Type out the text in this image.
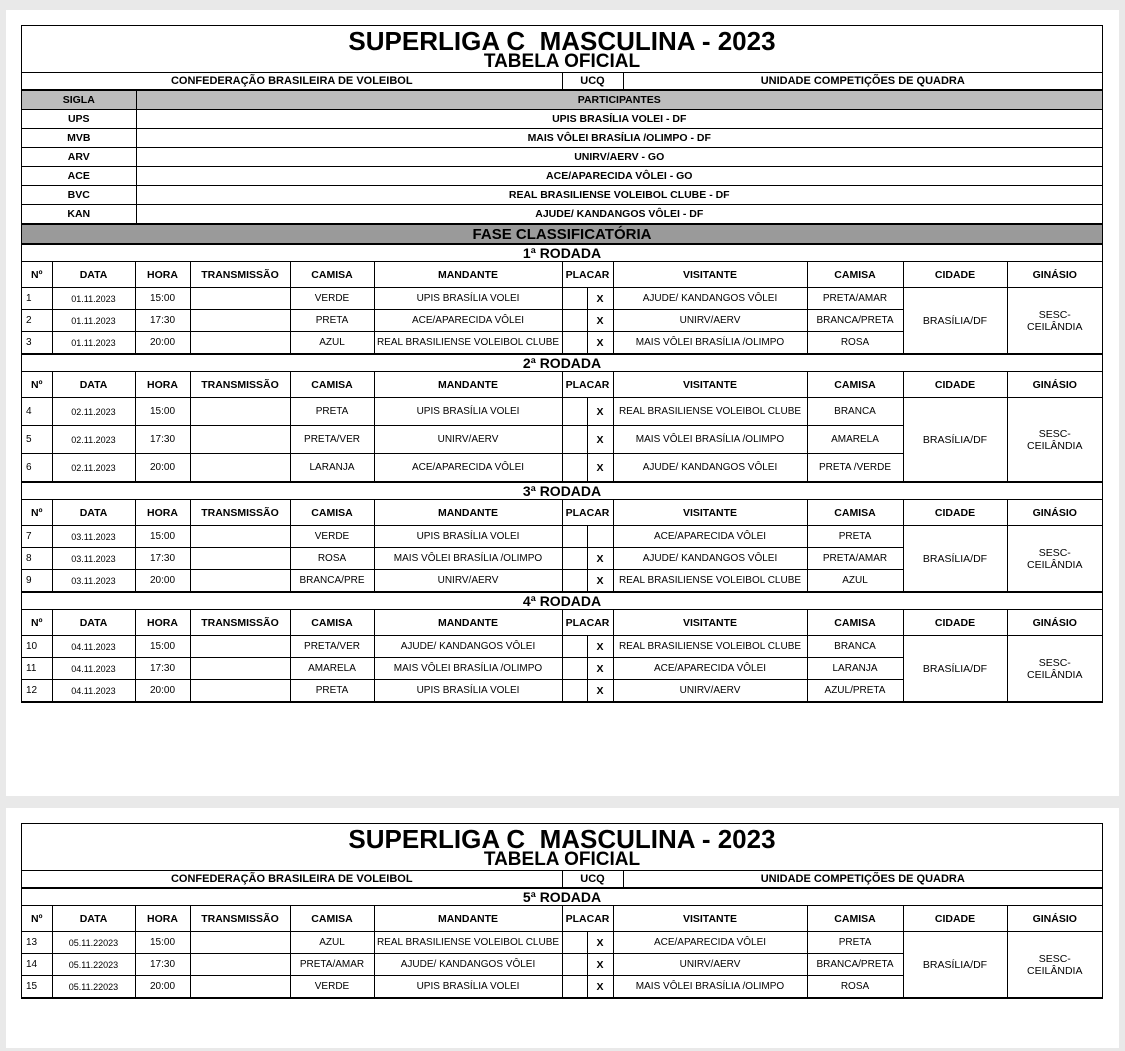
SUPERLIGA C  MASCULINA - 2023
TABELA OFICIAL

CONFEDERAÇÃO BRASILEIRA DE VOLEIBOL	UCQ	UNIDADE COMPETIÇÕES DE QUADRA
SIGLA	PARTICIPANTES
UPS	UPIS BRASÍLIA VOLEI - DF
MVB	MAIS VÔLEI BRASÍLIA /OLIMPO - DF
ARV	UNIRV/AERV - GO
ACE	ACE/APARECIDA VÔLEI - GO
BVC	REAL BRASILIENSE VOLEIBOL CLUBE - DF
KAN	AJUDE/ KANDANGOS VÔLEI - DF
FASE CLASSIFICATÓRIA
1ª RODADA											
Nº	DATA	HORA	TRANSMISSÃO	CAMISA	MANDANTE	PLACAR		VISITANTE	CAMISA	CIDADE	GINÁSIO
1	01.11.2023	15:00		VERDE	UPIS BRASÍLIA VOLEI		X	AJUDE/ KANDANGOS VÔLEI	PRETA/AMAR	BRASÍLIA/DF	SESC-
CEILÂNDIA
2	01.11.2023	17:30		PRETA	ACE/APARECIDA VÔLEI		X	UNIRV/AERV	BRANCA/PRETA		
3	01.11.2023	20:00		AZUL	REAL BRASILIENSE VOLEIBOL CLUBE		X	MAIS VÔLEI BRASÍLIA /OLIMPO	ROSA		
2ª RODADA											
Nº	DATA	HORA	TRANSMISSÃO	CAMISA	MANDANTE	PLACAR		VISITANTE	CAMISA	CIDADE	GINÁSIO
4	02.11.2023	15:00		PRETA	UPIS BRASÍLIA VOLEI		X	REAL BRASILIENSE VOLEIBOL CLUBE	BRANCA	BRASÍLIA/DF	SESC-
CEILÂNDIA
5	02.11.2023	17:30		PRETA/VER	UNIRV/AERV		X	MAIS VÔLEI BRASÍLIA /OLIMPO	AMARELA		
6	02.11.2023	20:00		LARANJA	ACE/APARECIDA VÔLEI		X	AJUDE/ KANDANGOS VÔLEI	PRETA /VERDE		
3ª RODADA											
Nº	DATA	HORA	TRANSMISSÃO	CAMISA	MANDANTE	PLACAR		VISITANTE	CAMISA	CIDADE	GINÁSIO
7	03.11.2023	15:00		VERDE	UPIS BRASÍLIA VOLEI			ACE/APARECIDA VÔLEI	PRETA	BRASÍLIA/DF	SESC-
CEILÂNDIA
8	03.11.2023	17:30		ROSA	MAIS VÔLEI BRASÍLIA /OLIMPO		X	AJUDE/ KANDANGOS VÔLEI	PRETA/AMAR		
9	03.11.2023	20:00		BRANCA/PRE	UNIRV/AERV		X	REAL BRASILIENSE VOLEIBOL CLUBE	AZUL		
4ª RODADA											
Nº	DATA	HORA	TRANSMISSÃO	CAMISA	MANDANTE	PLACAR		VISITANTE	CAMISA	CIDADE	GINÁSIO
10	04.11.2023	15:00		PRETA/VER	AJUDE/ KANDANGOS VÔLEI		X	REAL BRASILIENSE VOLEIBOL CLUBE	BRANCA	BRASÍLIA/DF	SESC-
CEILÂNDIA
11	04.11.2023	17:30		AMARELA	MAIS VÔLEI BRASÍLIA /OLIMPO		X	ACE/APARECIDA VÔLEI	LARANJA		
12	04.11.2023	20:00		PRETA	UPIS BRASÍLIA VOLEI		X	UNIRV/AERV	AZUL/PRETA		
SUPERLIGA C  MASCULINA - 2023
TABELA OFICIAL

CONFEDERAÇÃO BRASILEIRA DE VOLEIBOL	UCQ	UNIDADE COMPETIÇÕES DE QUADRA
5ª RODADA											
Nº	DATA	HORA	TRANSMISSÃO	CAMISA	MANDANTE	PLACAR		VISITANTE	CAMISA	CIDADE	GINÁSIO
13	05.11.22023	15:00		AZUL	REAL BRASILIENSE VOLEIBOL CLUBE		X	ACE/APARECIDA VÔLEI	PRETA	BRASÍLIA/DF	SESC-
CEILÂNDIA
14	05.11.22023	17:30		PRETA/AMAR	AJUDE/ KANDANGOS VÔLEI		X	UNIRV/AERV	BRANCA/PRETA		
15	05.11.22023	20:00		VERDE	UPIS BRASÍLIA VOLEI		X	MAIS VÔLEI BRASÍLIA /OLIMPO	ROSA		
